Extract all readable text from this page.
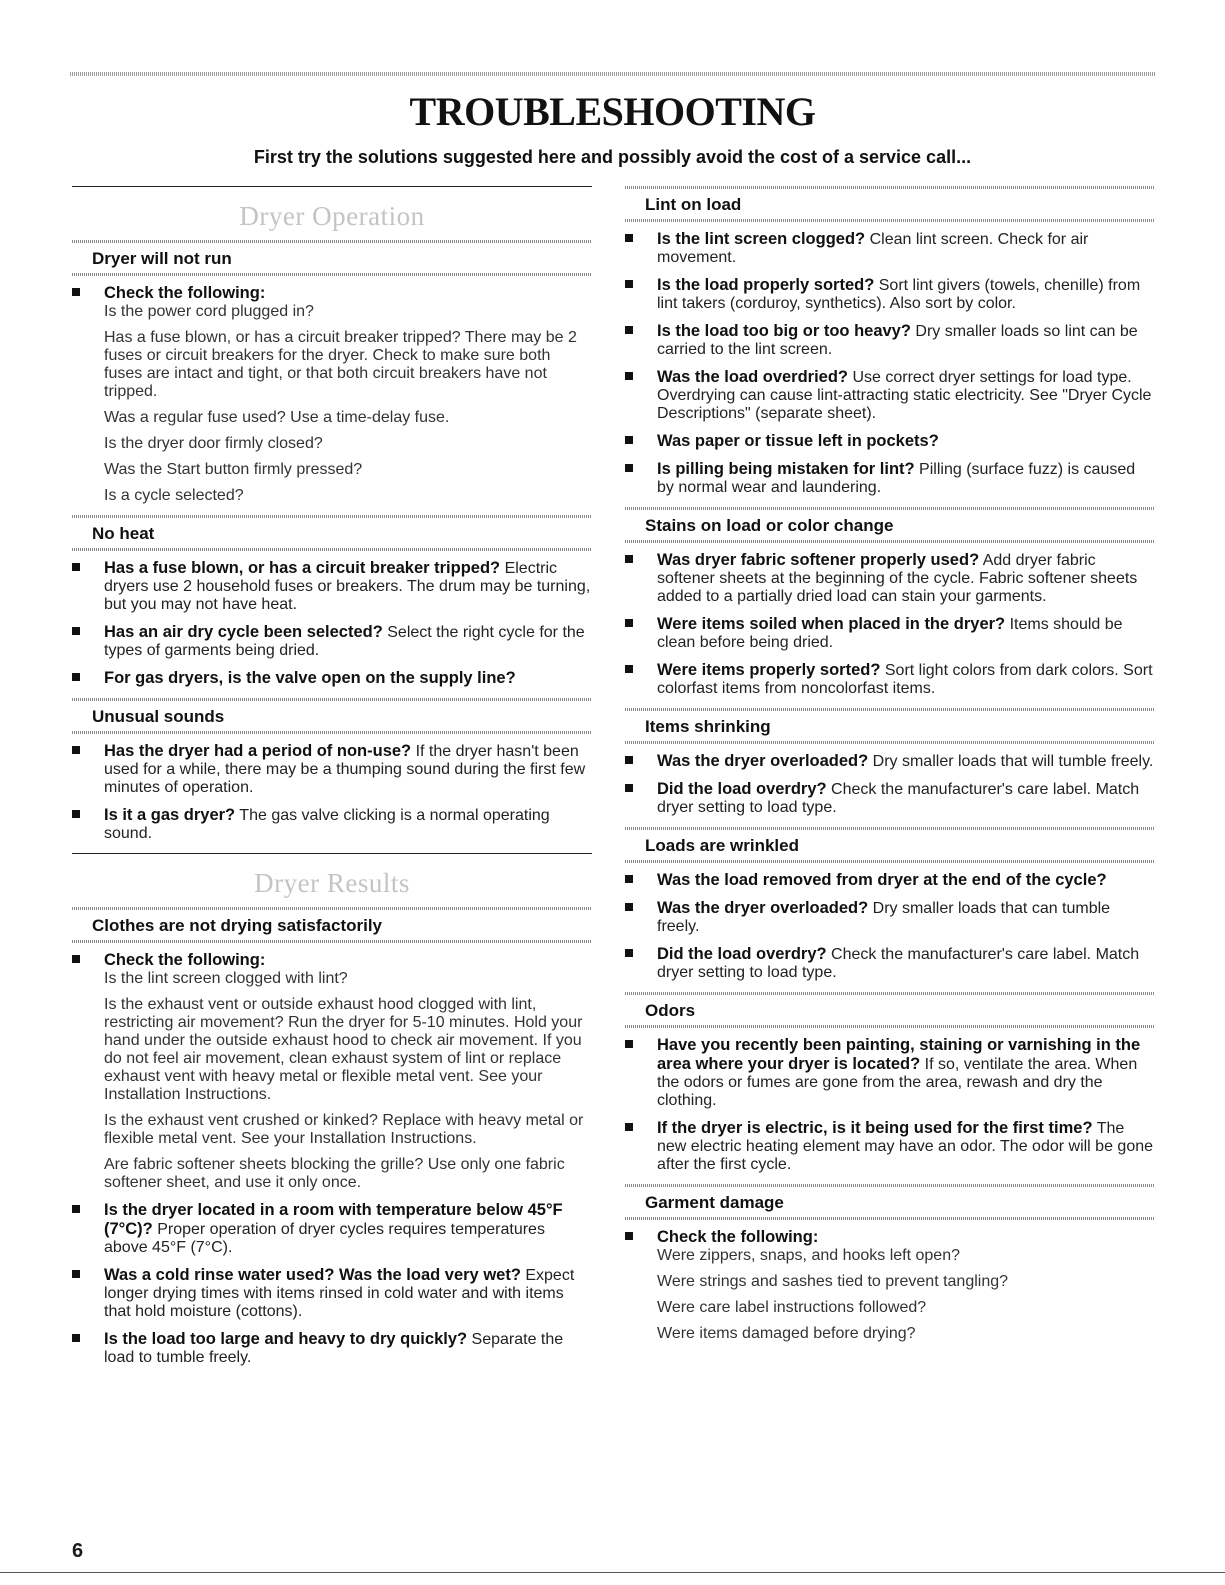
TROUBLESHOOTING
First try the solutions suggested here and possibly avoid the cost of a service call...
Dryer Operation
Dryer will not run
Check the following:
Is the power cord plugged in?
Has a fuse blown, or has a circuit breaker tripped? There may be 2 fuses or circuit breakers for the dryer. Check to make sure both fuses are intact and tight, or that both circuit breakers have not tripped.
Was a regular fuse used? Use a time-delay fuse.
Is the dryer door firmly closed?
Was the Start button firmly pressed?
Is a cycle selected?
No heat
Has a fuse blown, or has a circuit breaker tripped? Electric dryers use 2 household fuses or breakers. The drum may be turning, but you may not have heat.
Has an air dry cycle been selected? Select the right cycle for the types of garments being dried.
For gas dryers, is the valve open on the supply line?
Unusual sounds
Has the dryer had a period of non-use? If the dryer hasn't been used for a while, there may be a thumping sound during the first few minutes of operation.
Is it a gas dryer? The gas valve clicking is a normal operating sound.
Dryer Results
Clothes are not drying satisfactorily
Check the following:
Is the lint screen clogged with lint?
Is the exhaust vent or outside exhaust hood clogged with lint, restricting air movement? Run the dryer for 5-10 minutes. Hold your hand under the outside exhaust hood to check air movement. If you do not feel air movement, clean exhaust system of lint or replace exhaust vent with heavy metal or flexible metal vent. See your Installation Instructions.
Is the exhaust vent crushed or kinked? Replace with heavy metal or flexible metal vent. See your Installation Instructions.
Are fabric softener sheets blocking the grille? Use only one fabric softener sheet, and use it only once.
Is the dryer located in a room with temperature below 45°F (7°C)? Proper operation of dryer cycles requires temperatures above 45°F (7°C).
Was a cold rinse water used? Was the load very wet? Expect longer drying times with items rinsed in cold water and with items that hold moisture (cottons).
Is the load too large and heavy to dry quickly? Separate the load to tumble freely.
Lint on load
Is the lint screen clogged? Clean lint screen. Check for air movement.
Is the load properly sorted? Sort lint givers (towels, chenille) from lint takers (corduroy, synthetics). Also sort by color.
Is the load too big or too heavy? Dry smaller loads so lint can be carried to the lint screen.
Was the load overdried? Use correct dryer settings for load type. Overdrying can cause lint-attracting static electricity. See "Dryer Cycle Descriptions" (separate sheet).
Was paper or tissue left in pockets?
Is pilling being mistaken for lint? Pilling (surface fuzz) is caused by normal wear and laundering.
Stains on load or color change
Was dryer fabric softener properly used? Add dryer fabric softener sheets at the beginning of the cycle. Fabric softener sheets added to a partially dried load can stain your garments.
Were items soiled when placed in the dryer? Items should be clean before being dried.
Were items properly sorted? Sort light colors from dark colors. Sort colorfast items from noncolorfast items.
Items shrinking
Was the dryer overloaded? Dry smaller loads that will tumble freely.
Did the load overdry? Check the manufacturer's care label. Match dryer setting to load type.
Loads are wrinkled
Was the load removed from dryer at the end of the cycle?
Was the dryer overloaded? Dry smaller loads that can tumble freely.
Did the load overdry? Check the manufacturer's care label. Match dryer setting to load type.
Odors
Have you recently been painting, staining or varnishing in the area where your dryer is located? If so, ventilate the area. When the odors or fumes are gone from the area, rewash and dry the clothing.
If the dryer is electric, is it being used for the first time? The new electric heating element may have an odor. The odor will be gone after the first cycle.
Garment damage
Check the following:
Were zippers, snaps, and hooks left open?
Were strings and sashes tied to prevent tangling?
Were care label instructions followed?
Were items damaged before drying?
6
